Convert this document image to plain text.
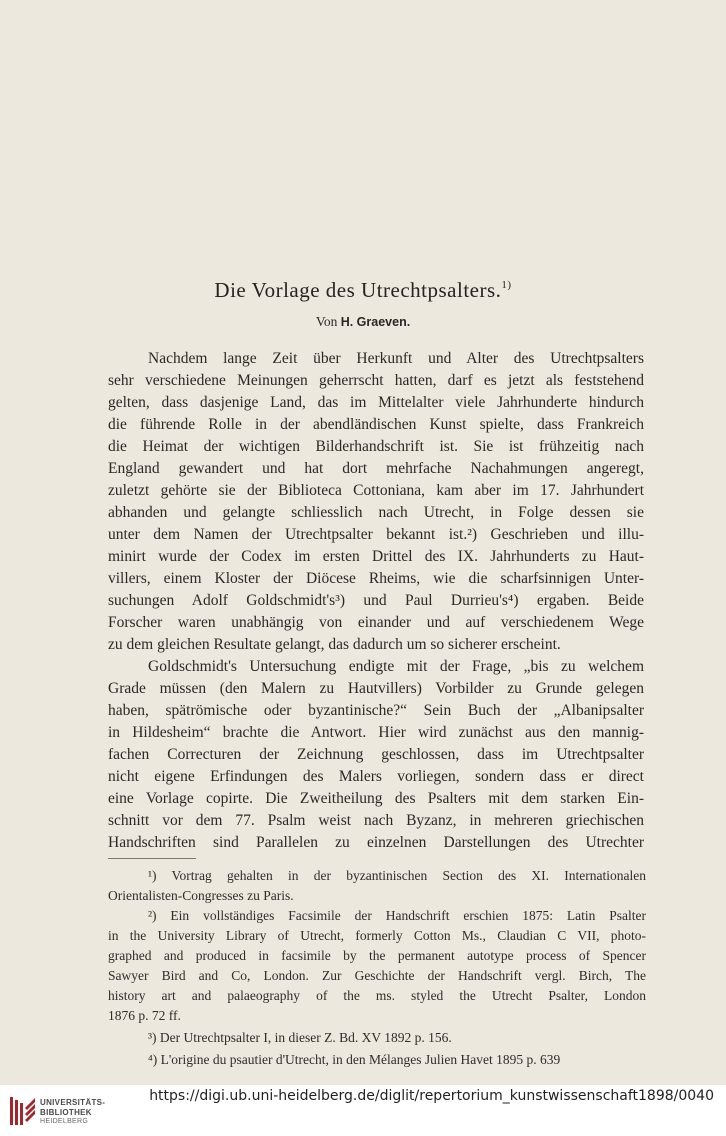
Die Vorlage des Utrechtpsalters.$^{1)}$
Von H. Graeven.
Nachdem lange Zeit über Herkunft und Alter des Utrechtpsalters
sehr verschiedene Meinungen geherrscht hatten, darf es jetzt als feststehend
gelten, dass dasjenige Land, das im Mittelalter viele Jahrhunderte hindurch
die führende Rolle in der abendländischen Kunst spielte, dass Frankreich
die Heimat der wichtigen Bilderhandschrift ist. Sie ist frühzeitig nach
England gewandert und hat dort mehrfache Nachahmungen angeregt,
zuletzt gehörte sie der Biblioteca Cottoniana, kam aber im 17. Jahrhundert
abhanden und gelangte schliesslich nach Utrecht, in Folge dessen sie
unter dem Namen der Utrechtpsalter bekannt ist.²) Geschrieben und illu-
minirt wurde der Codex im ersten Drittel des IX. Jahrhunderts zu Haut-
villers, einem Kloster der Diöcese Rheims, wie die scharfsinnigen Unter-
suchungen Adolf Goldschmidt's³) und Paul Durrieu's⁴) ergaben. Beide
Forscher waren unabhängig von einander und auf verschiedenem Wege
zu dem gleichen Resultate gelangt, das dadurch um so sicherer erscheint.
Goldschmidt's Untersuchung endigte mit der Frage, „bis zu welchem
Grade müssen (den Malern zu Hautvillers) Vorbilder zu Grunde gelegen
haben, spätrömische oder byzantinische?“ Sein Buch der „Albanipsalter
in Hildesheim“ brachte die Antwort. Hier wird zunächst aus den mannig-
fachen Correcturen der Zeichnung geschlossen, dass im Utrechtpsalter
nicht eigene Erfindungen des Malers vorliegen, sondern dass er direct
eine Vorlage copirte. Die Zweitheilung des Psalters mit dem starken Ein-
schnitt vor dem 77. Psalm weist nach Byzanz, in mehreren griechischen
Handschriften sind Parallelen zu einzelnen Darstellungen des Utrechter
¹) Vortrag gehalten in der byzantinischen Section des XI. Internationalen
Orientalisten-Congresses zu Paris.
²) Ein vollständiges Facsimile der Handschrift erschien 1875: Latin Psalter
in the University Library of Utrecht, formerly Cotton Ms., Claudian C VII, photo-
graphed and produced in facsimile by the permanent autotype process of Spencer
Sawyer Bird and Co, London. Zur Geschichte der Handschrift vergl. Birch, The
history art and palaeography of the ms. styled the Utrecht Psalter, London
1876 p. 72 ff.
³) Der Utrechtpsalter I, in dieser Z. Bd. XV 1892 p. 156.
⁴) L'origine du psautier d'Utrecht, in den Mélanges Julien Havet 1895 p. 639
UNIVERSITÄTS-
BIBLIOTHEK
HEIDELBERG
https://digi.ub.uni-heidelberg.de/diglit/repertorium_kunstwissenschaft1898/0040
